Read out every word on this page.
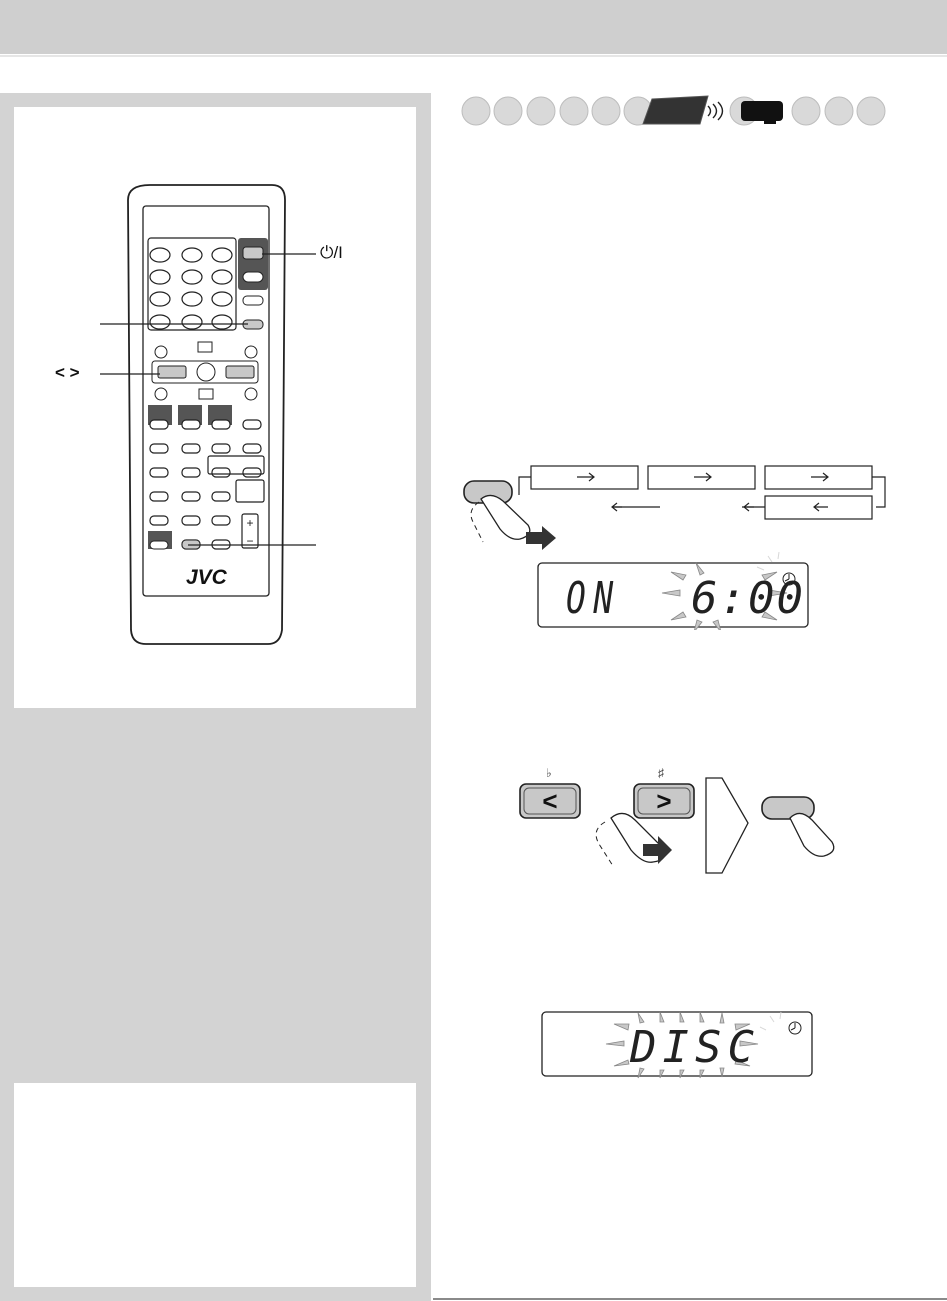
+
−
JVC
⏻/I
< >
ON 6:00
♭	♯
<	>
DISC
